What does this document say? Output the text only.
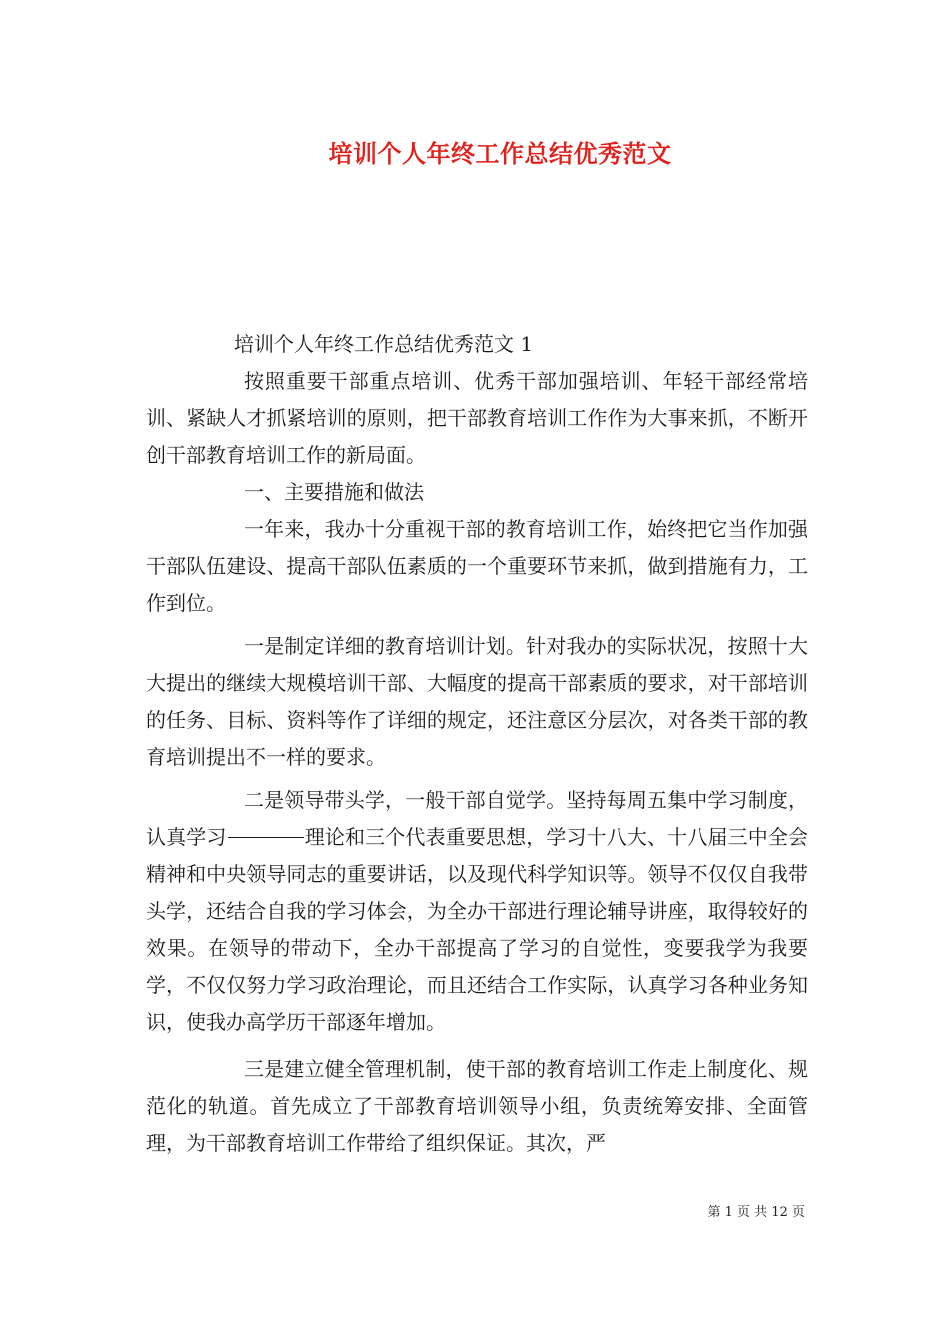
培训个人年终工作总结优秀范文

培训个人年终工作总结优秀范文 1

按照重要干部重点培训、优秀干部加强培训、年轻干部经常培训、紧缺人才抓紧培训的原则，把干部教育培训工作作为大事来抓，不断开创干部教育培训工作的新局面。

一、主要措施和做法

一年来，我办十分重视干部的教育培训工作，始终把它当作加强干部队伍建设、提高干部队伍素质的一个重要环节来抓，做到措施有力，工作到位。

一是制定详细的教育培训计划。针对我办的实际状况，按照十大大提出的继续大规模培训干部、大幅度的提高干部素质的要求，对干部培训的任务、目标、资料等作了详细的规定，还注意区分层次，对各类干部的教育培训提出不一样的要求。

二是领导带头学，一般干部自觉学。坚持每周五集中学习制度，认真学习	理论和三个代表重要思想，学习十八大、十八届三中全会精神和中央领导同志的重要讲话，以及现代科学知识等。领导不仅仅自我带头学，还结合自我的学习体会，为全办干部进行理论辅导讲座，取得较好的效果。在领导的带动下，全办干部提高了学习的自觉性，变要我学为我要学，不仅仅努力学习政治理论，而且还结合工作实际，认真学习各种业务知识，使我办高学历干部逐年增加。

三是建立健全管理机制，使干部的教育培训工作走上制度化、规范化的轨道。首先成立了干部教育培训领导小组，负责统筹安排、全面管理，为干部教育培训工作带给了组织保证。其次，严

第 1 页 共 12 页
